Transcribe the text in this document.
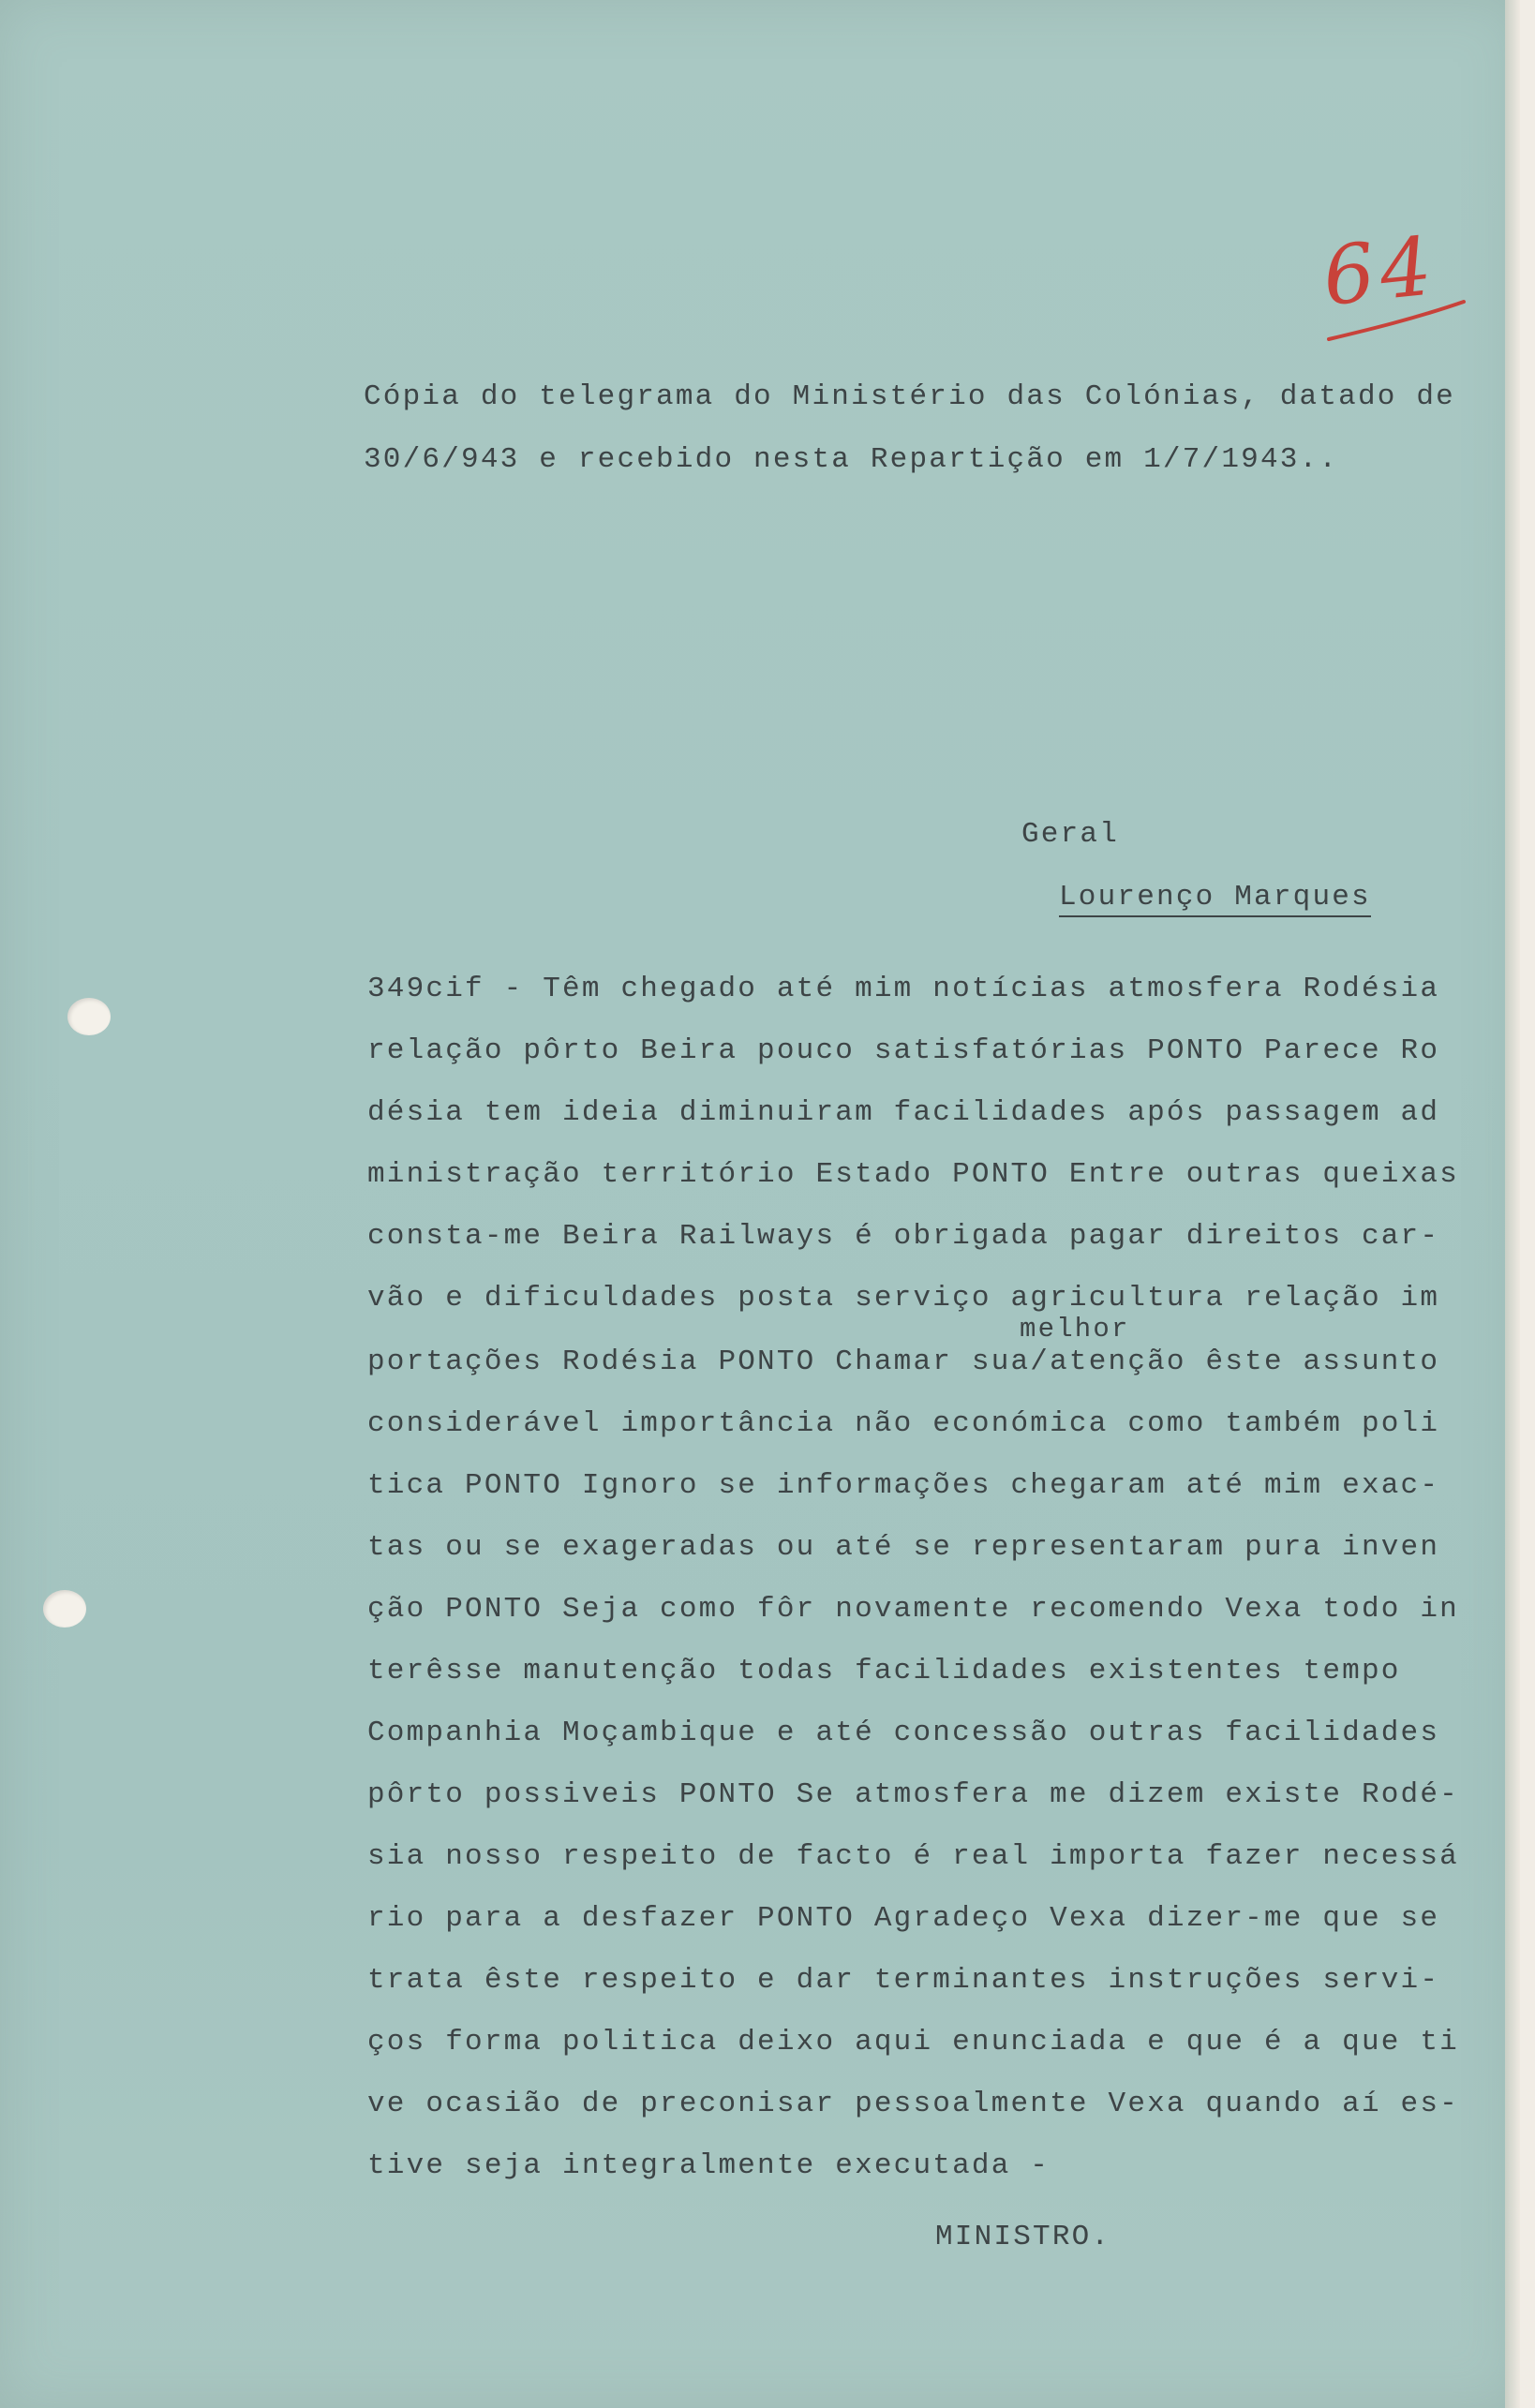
64
Cópia do telegrama do Ministério das Colónias, datado de
30/6/943 e recebido nesta Repartição em 1/7/1943..
Geral
Lourenço Marques
349cif - Têm chegado até mim notícias atmosfera Rodésia
relação pôrto Beira pouco satisfatórias PONTO Parece Ro
désia tem ideia diminuiram facilidades após passagem ad
ministração território Estado PONTO Entre outras queixas
consta-me Beira Railways é obrigada pagar direitos car-
vão e dificuldades posta serviço agricultura relação im
melhor
portações Rodésia PONTO Chamar sua/atenção êste assunto
considerável importância não económica como também poli
tica PONTO Ignoro se informações chegaram até mim exac-
tas ou se exageradas ou até se representaram pura inven
ção PONTO Seja como fôr novamente recomendo Vexa todo in
terêsse manutenção todas facilidades existentes tempo
Companhia Moçambique e até concessão outras facilidades
pôrto possiveis PONTO Se atmosfera me dizem existe Rodé-
sia nosso respeito de facto é real importa fazer necessá
rio para a desfazer PONTO Agradeço Vexa dizer-me que se
trata êste respeito e dar terminantes instruções servi-
ços forma politica deixo aqui enunciada e que é a que ti
ve ocasião de preconisar pessoalmente Vexa quando aí es-
tive seja integralmente executada -
MINISTRO.
